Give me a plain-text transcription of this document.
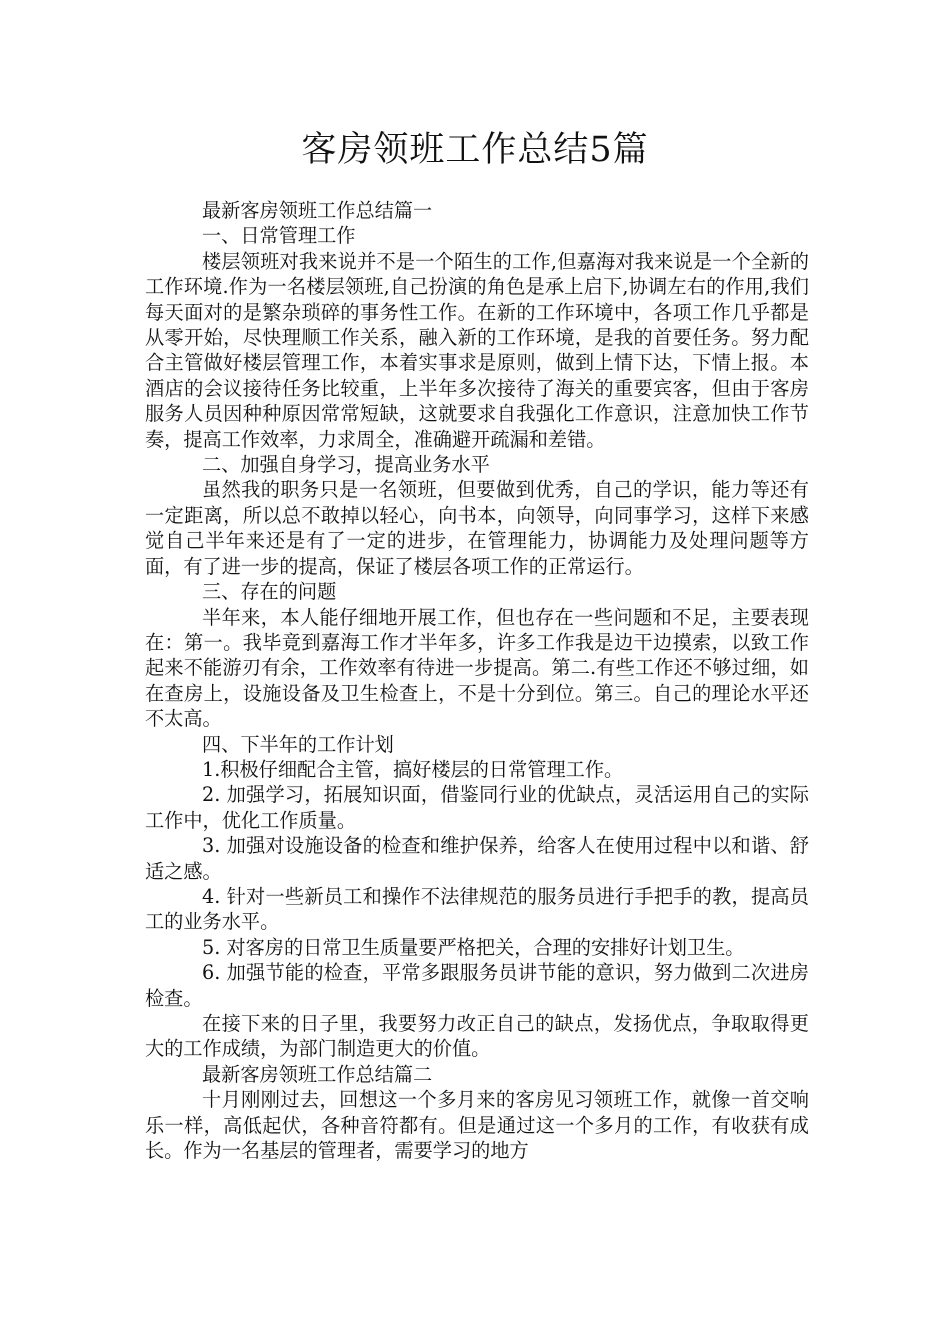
客房领班工作总结5篇

最新客房领班工作总结篇一

一、日常管理工作

楼层领班对我来说并不是一个陌生的工作,但嘉海对我来说是一个全新的工作环境.作为一名楼层领班,自己扮演的角色是承上启下,协调左右的作用,我们每天面对的是繁杂琐碎的事务性工作。在新的工作环境中，各项工作几乎都是从零开始，尽快理顺工作关系，融入新的工作环境，是我的首要任务。努力配合主管做好楼层管理工作，本着实事求是原则，做到上情下达，下情上报。本酒店的会议接待任务比较重，上半年多次接待了海关的重要宾客，但由于客房服务人员因种种原因常常短缺，这就要求自我强化工作意识，注意加快工作节奏，提高工作效率，力求周全，准确避开疏漏和差错。

二、加强自身学习，提高业务水平

虽然我的职务只是一名领班，但要做到优秀，自己的学识，能力等还有一定距离，所以总不敢掉以轻心，向书本，向领导，向同事学习，这样下来感觉自己半年来还是有了一定的进步，在管理能力，协调能力及处理问题等方面，有了进一步的提高，保证了楼层各项工作的正常运行。

三、存在的问题

半年来，本人能仔细地开展工作，但也存在一些问题和不足，主要表现在：第一。我毕竟到嘉海工作才半年多，许多工作我是边干边摸索，以致工作起来不能游刃有余，工作效率有待进一步提高。第二.有些工作还不够过细，如在查房上，设施设备及卫生检查上，不是十分到位。第三。自己的理论水平还不太高。

四、下半年的工作计划

1.积极仔细配合主管，搞好楼层的日常管理工作。

2. 加强学习，拓展知识面，借鉴同行业的优缺点，灵活运用自己的实际工作中，优化工作质量。

3. 加强对设施设备的检查和维护保养，给客人在使用过程中以和谐、舒适之感。

4. 针对一些新员工和操作不法律规范的服务员进行手把手的教，提高员工的业务水平。

5. 对客房的日常卫生质量要严格把关，合理的安排好计划卫生。

6. 加强节能的检查，平常多跟服务员讲节能的意识，努力做到二次进房检查。

在接下来的日子里，我要努力改正自己的缺点，发扬优点，争取取得更大的工作成绩，为部门制造更大的价值。

最新客房领班工作总结篇二

十月刚刚过去，回想这一个多月来的客房见习领班工作，就像一首交响乐一样，高低起伏，各种音符都有。但是通过这一个多月的工作，有收获有成长。作为一名基层的管理者，需要学习的地方
